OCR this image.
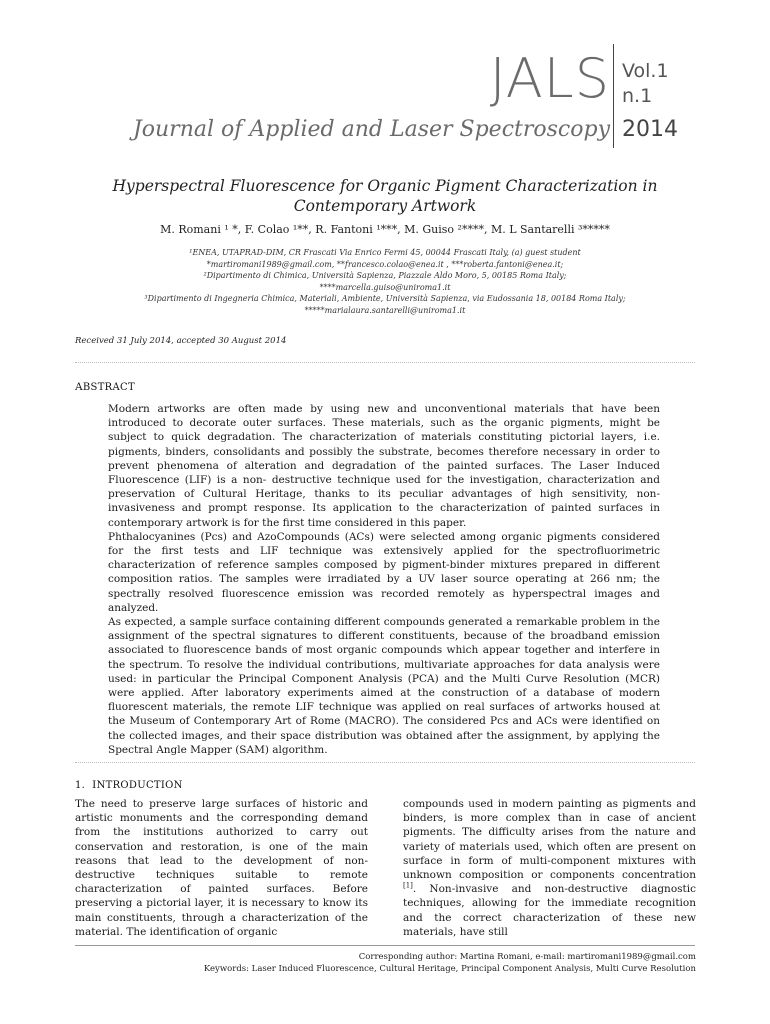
JALS
Journal of Applied and Laser Spectroscopy
Vol.1
n.1
2014
Hyperspectral Fluorescence for Organic Pigment Characterization in Contemporary Artwork
M. Romani ¹ *, F. Colao ¹**, R. Fantoni ¹***, M. Guiso ²****, M. L Santarelli ³*****
¹ENEA, UTAPRAD-DIM, CR Frascati Via Enrico Fermi 45, 00044 Frascati Italy, (a) guest student
*martiromani1989@gmail.com, **francesco.colao@enea.it , ***roberta.fantoni@enea.it;
²Dipartimento di Chimica, Università Sapienza, Piazzale Aldo Moro, 5, 00185 Roma Italy;
****marcella.guiso@uniroma1.it
³Dipartimento di Ingegneria Chimica, Materiali, Ambiente, Università Sapienza, via Eudossania 18, 00184 Roma Italy;
*****marialaura.santarelli@uniroma1.it
Received 31 July 2014, accepted 30 August 2014
ABSTRACT

Modern artworks are often made by using new and unconventional materials that have been introduced to decorate outer surfaces. These materials, such as the organic pigments, might be subject to quick degradation. The characterization of materials constituting pictorial layers, i.e. pigments, binders, consolidants and possibly the substrate, becomes therefore necessary in order to prevent phenomena of alteration and degradation of the painted surfaces. The Laser Induced Fluorescence (LIF) is a non- destructive technique used for the investigation, characterization and preservation of Cultural Heritage, thanks to its peculiar advantages of high sensitivity, non-invasiveness and prompt response. Its application to the characterization of painted surfaces in contemporary artwork is for the first time considered in this paper.

Phthalocyanines (Pcs) and AzoCompounds (ACs) were selected among organic pigments considered for the first tests and LIF technique was extensively applied for the spectrofluorimetric characterization of reference samples composed by pigment-binder mixtures prepared in different composition ratios. The samples were irradiated by a UV laser source operating at 266 nm; the spectrally resolved fluorescence emission was recorded remotely as hyperspectral images and analyzed.

As expected, a sample surface containing different compounds generated a remarkable problem in the assignment of the spectral signatures to different constituents, because of the broadband emission associated to fluorescence bands of most organic compounds which appear together and interfere in the spectrum. To resolve the individual contributions, multivariate approaches for data analysis were used: in particular the Principal Component Analysis (PCA) and the Multi Curve Resolution (MCR) were applied. After laboratory experiments aimed at the construction of a database of modern fluorescent materials, the remote LIF technique was applied on real surfaces of artworks housed at the Museum of Contemporary Art of Rome (MACRO). The considered Pcs and ACs were identified on the collected images, and their space distribution was obtained after the assignment, by applying the Spectral Angle Mapper (SAM) algorithm.

1. INTRODUCTION

The need to preserve large surfaces of historic and artistic monuments and the corresponding demand from the institutions authorized to carry out conservation and restoration, is one of the main reasons that lead to the development of non-destructive techniques suitable to remote characterization of painted surfaces. Before preserving a pictorial layer, it is necessary to know its main constituents, through a characterization of the material. The identification of organic

compounds used in modern painting as pigments and binders, is more complex than in case of ancient pigments. The difficulty arises from the nature and variety of materials used, which often are present on surface in form of multi-component mixtures with unknown composition or components concentration [1]. Non-invasive and non-destructive diagnostic techniques, allowing for the immediate recognition and the correct characterization of these new materials, have still

Corresponding author: Martina Romani, e-mail: martiromani1989@gmail.com
Keywords: Laser Induced Fluorescence, Cultural Heritage, Principal Component Analysis, Multi Curve Resolution
